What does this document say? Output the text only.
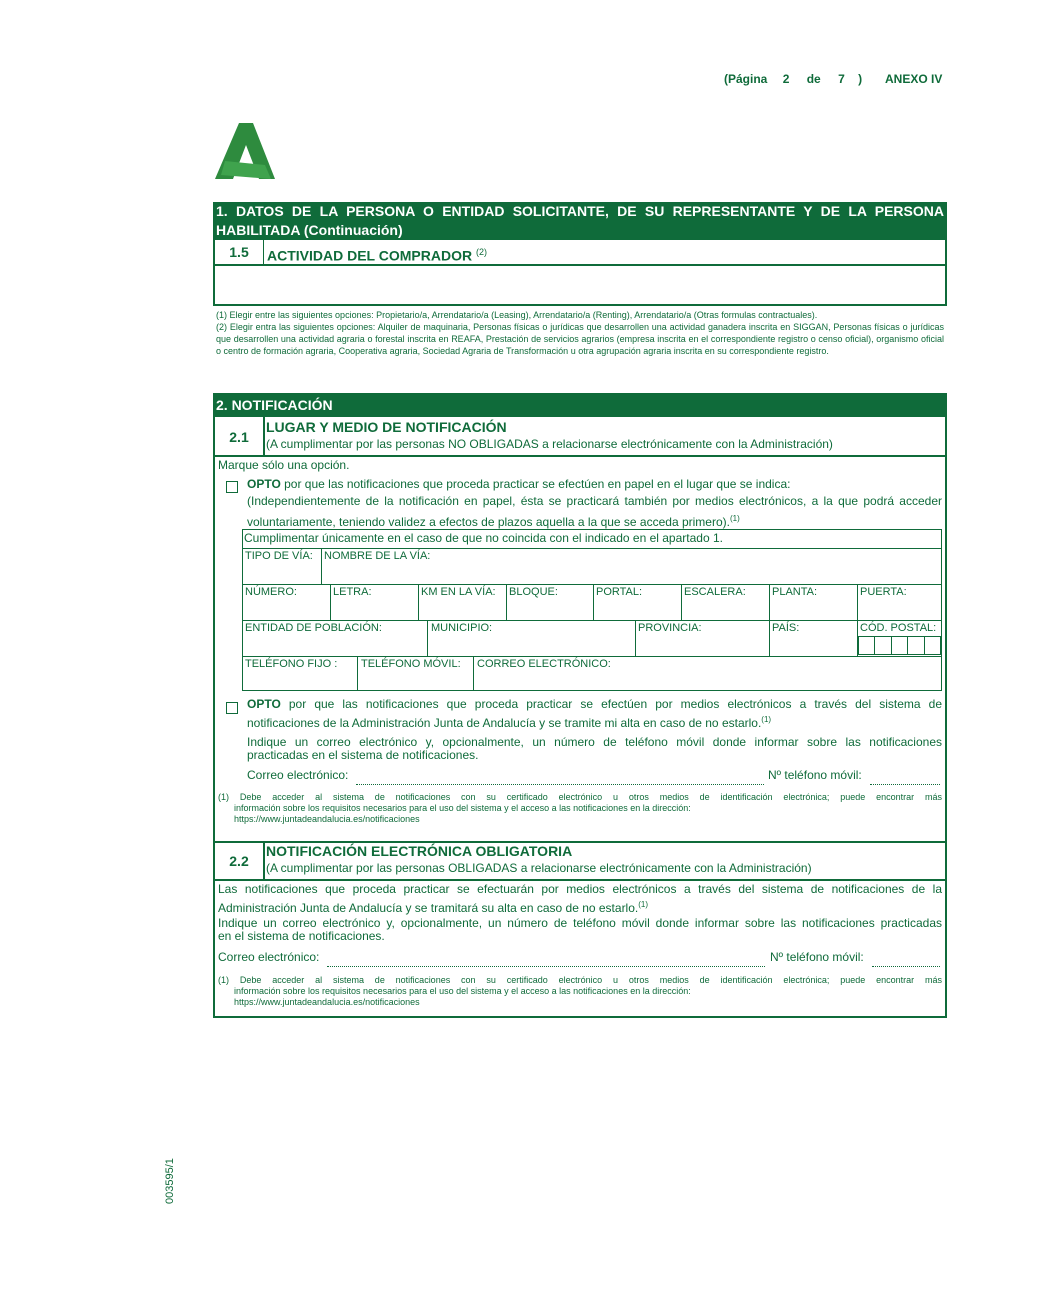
(Página 2 de 7 ) ANEXO IV
1. DATOS DE LA PERSONA O ENTIDAD SOLICITANTE, DE SU REPRESENTANTE Y DE LA PERSONA
HABILITADA (Continuación)
1.5	ACTIVIDAD DEL COMPRADOR $^{(2)}$
(1) Elegir entre las siguientes opciones: Propietario/a, Arrendatario/a (Leasing), Arrendatario/a (Renting), Arrendatario/a (Otras formulas contractuales).
(2) Elegir entra las siguientes opciones: Alquiler de maquinaria, Personas físicas o jurídicas que desarrollen una actividad ganadera inscrita en SIGGAN, Personas físicas o jurídicas que desarrollen una actividad agraria o forestal inscrita en REAFA, Prestación de servicios agrarios (empresa inscrita en el correspondiente registro o censo oficial), organismo oficial o centro de formación agraria, Cooperativa agraria, Sociedad Agraria de Transformación u otra agrupación agraria inscrita en su correspondiente registro.
2. NOTIFICACIÓN
2.1
LUGAR Y MEDIO DE NOTIFICACIÓN
(A cumplimentar por las personas NO OBLIGADAS a relacionarse electrónicamente con la Administración)
Marque sólo una opción.
OPTO por que las notificaciones que proceda practicar se efectúen en papel en el lugar que se indica:
(Independientemente de la notificación en papel, ésta se practicará también por medios electrónicos, a la que podrá acceder
voluntariamente, teniendo validez a efectos de plazos aquella a la que se acceda primero).$^{(1)}$
Cumplimentar únicamente en el caso de que no coincida con el indicado en el apartado 1.
TIPO DE VÍA: NOMBRE DE LA VÍA:
NÚMERO:	LETRA:	KM EN LA VÍA: BLOQUE:	PORTAL:	ESCALERA: PLANTA:	PUERTA:
ENTIDAD DE POBLACIÓN:	MUNICIPIO:	PROVINCIA:	PAÍS:	CÓD. POSTAL:
TELÉFONO FIJO : TELÉFONO MÓVIL: CORREO ELECTRÓNICO:
OPTO por que las notificaciones que proceda practicar se efectúen por medios electrónicos a través del sistema de
notificaciones de la Administración Junta de Andalucía y se tramite mi alta en caso de no estarlo.$^{(1)}$
Indique un correo electrónico y, opcionalmente, un número de teléfono móvil donde informar sobre las notificaciones
practicadas en el sistema de notificaciones.
Correo electrónico:	Nº teléfono móvil:
(1) Debe acceder al sistema de notificaciones con su certificado electrónico u otros medios de identificación electrónica; puede encontrar más
información sobre los requisitos necesarios para el uso del sistema y el acceso a las notificaciones en la dirección:
https://www.juntadeandalucia.es/notificaciones
2.2
NOTIFICACIÓN ELECTRÓNICA OBLIGATORIA
(A cumplimentar por las personas OBLIGADAS a relacionarse electrónicamente con la Administración)
Las notificaciones que proceda practicar se efectuarán por medios electrónicos a través del sistema de notificaciones de la
Administración Junta de Andalucía y se tramitará su alta en caso de no estarlo.$^{(1)}$
Indique un correo electrónico y, opcionalmente, un número de teléfono móvil donde informar sobre las notificaciones practicadas
en el sistema de notificaciones.
Correo electrónico:	Nº teléfono móvil:
(1) Debe acceder al sistema de notificaciones con su certificado electrónico u otros medios de identificación electrónica; puede encontrar más
información sobre los requisitos necesarios para el uso del sistema y el acceso a las notificaciones en la dirección:
https://www.juntadeandalucia.es/notificaciones
003595/1
